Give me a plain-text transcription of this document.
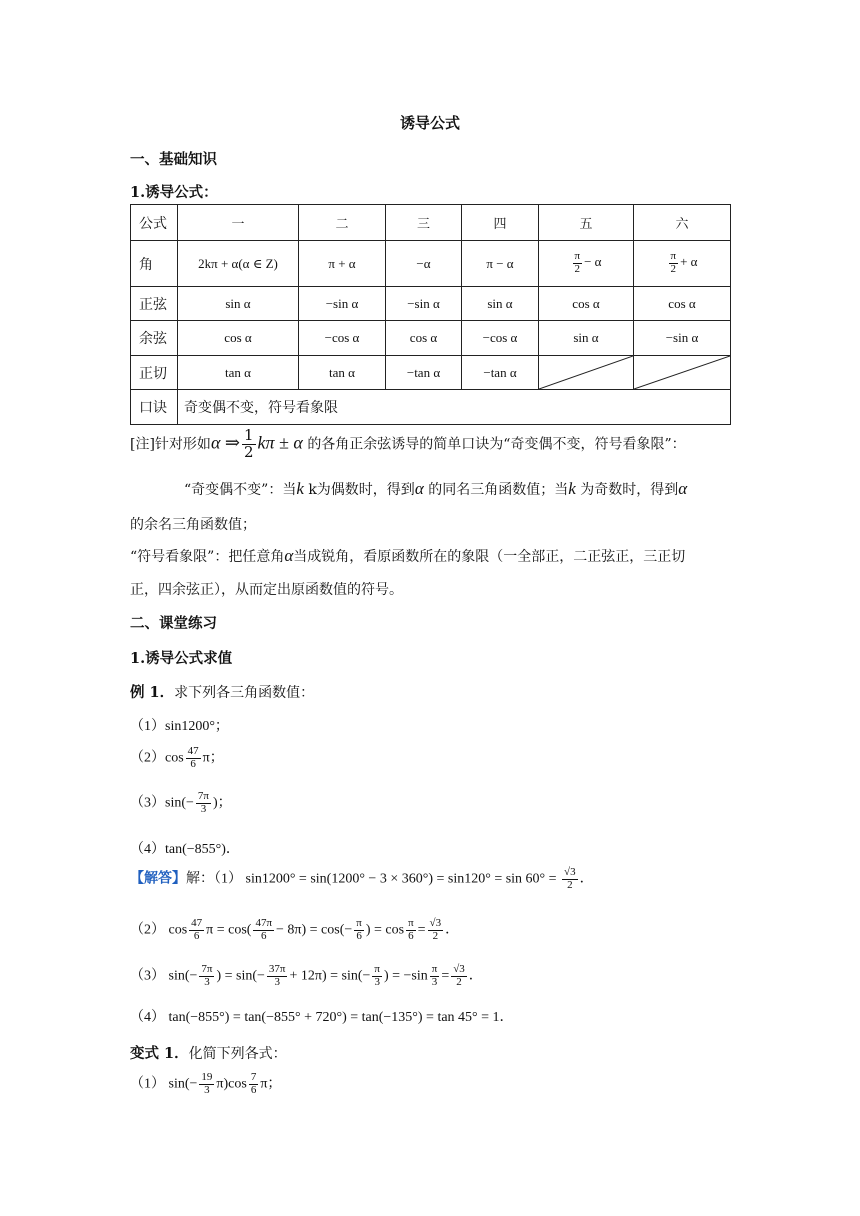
诱导公式
一、基础知识
1.诱导公式：
公式	一	二	三	四	五	六
角	2kπ + α(α ∈ Z)	π + α	−α	π − α	$\frac{\pi}{2} - \alpha$	$\frac{\pi}{2} + \alpha$
正弦	sin α	−sin α	−sin α	sin α	cos α	cos α
余弦	cos α	−cos α	cos α	−cos α	sin α	−sin α
正切	tan α	tan α	−tan α	−tan α	

口诀	奇变偶不变，符号看象限					
[注]针对形如α ⇒ $\frac{1}{2}$ kπ ± α 的各角正余弦诱导的简单口诀为“奇变偶不变，符号看象限”：
“奇变偶不变”：当k k为偶数时，得到α 的同名三角函数值；当k 为奇数时，得到α
的余名三角函数值；
“符号看象限”：把任意角α当成锐角，看原函数所在的象限（一全部正，二正弦正，三正切
正，四余弦正），从而定出原函数值的符号。
二、课堂练习
1.诱导公式求值
例 1．求下列各三角函数值：
（1）sin1200°；
$(2)\cos \frac{47}{6}$ π；
$(3)\sin(- \frac{7\pi}{3}$ )；
（4）tan(−855°)．
【解答】解：（1） sin1200° = sin(1200° − 3 × 360°) = sin120° = sin 60° = √ $\frac{3}{2}$ ．
（2） $\cos \frac{47}{6}$ $\pi = \cos( \frac{47\pi}{6} - 8\pi) = \cos(- \frac{\pi}{6}$ ) = $\cos \frac{\pi}{6}$ = √ $\frac{3}{2}$ ．
（3） $\sin(- \frac{7\pi}{3}$ ) = $\sin(- \frac{37\pi}{3} + 12\pi) = \sin(- \frac{\pi}{3}$ ) = $-\sin \frac{\pi}{3}$ = √ $\frac{3}{2}$ ．
（4） tan(−855°) = tan(−855° + 720°) = tan(−135°) = tan 45° = 1．
变式 1．化简下列各式：
（1） $\sin(- \frac{19}{3} \pi)\cos \frac{7}{6}$ π；
